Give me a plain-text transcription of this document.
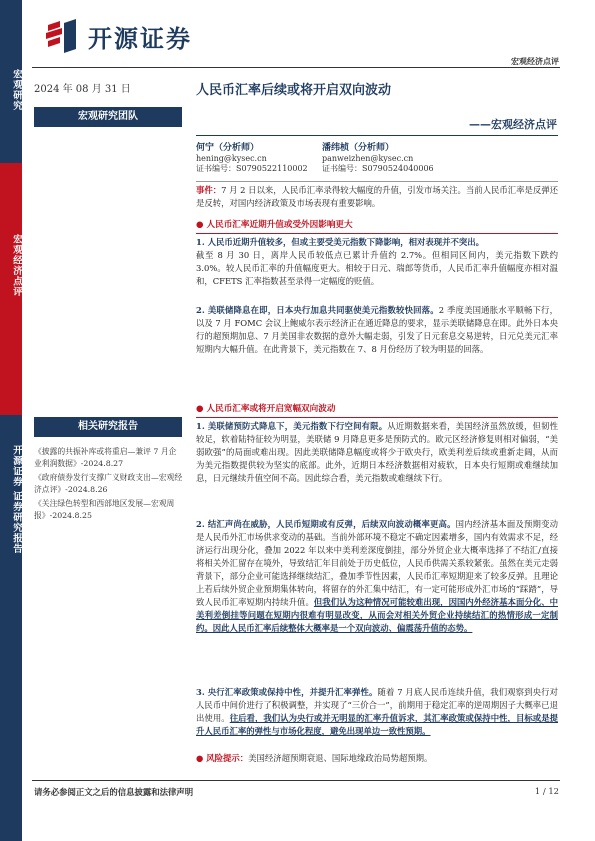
宏观研究
宏观经济点评
开源证券 证券研究报告
开源证券
宏观经济点评
2024 年 08 月 31 日	人民币汇率后续或将开启双向波动
宏观研究团队
——宏观经济点评
何宁（分析师）
hening@kysec.cn
证书编号：S0790522110002
潘纬桢（分析师）
panweizhen@kysec.cn
证书编号：S0790524040006
相关研究报告
《披露的共振补库或将重启—兼评 7 月企业利润数据》-2024.8.27
《政府债券发行支撑广义财政支出—宏观经济点评》-2024.8.26
《关注绿色转型和西部地区发展—宏观周报》-2024.8.25
事件：7 月 2 日以来，人民币汇率录得较大幅度的升值，引发市场关注。当前人民币汇率是反弹还是反转，对国内经济政策及市场表现有重要影响。
● 人民币汇率近期升值或受外因影响更大
1. 人民币近期升值较多，但或主要受美元指数下降影响，相对表现并不突出。
截至 8 月 30 日，离岸人民币较低点已累计升值约 2.7%。但相同区间内，美元指数下跌约 3.0%。较人民币汇率的升值幅度更大。相较于日元、瑞郎等货币，人民币汇率升值幅度亦相对温和，CFETS 汇率指数甚至录得一定幅度的贬值。
2. 美联储降息在即，日本央行加息共同驱使美元指数较快回落。2 季度美国通胀水平顺畅下行，以及 7 月 FOMC 会议上鲍威尔表示经济正在通近降息的要求，显示美联储降息在即。此外日本央行的超预期加息、7 月美国非农数据的意外大幅走弱，引发了日元套息交易逆转，日元兑美元汇率短期内大幅升值。在此背景下，美元指数在 7、8 月份经历了较为明显的回落。
● 人民币汇率或将开启宽幅双向波动
1. 美联储预防式降息下，美元指数下行空间有限。从近期数据来看，美国经济虽然放缓，但韧性较足，软着陆特征较为明显，美联储 9 月降息更多是预防式的。欧元区经济修复则相对偏弱，“美弱欧强”的局面或难出现。因此美联储降息幅度或将少于欧央行，欧美利差后续或重新走阔，从而为美元指数提供较为坚实的底部。此外，近期日本经济数据相对疲软，日本央行短期或难继续加息，日元继续升值空间不高。因此综合看，美元指数或难继续下行。
2. 结汇声尚在威胁，人民币短期或有反弹，后续双向波动概率更高。国内经济基本面及预期变动是人民币外汇市场供求变动的基础。当前外部环境不稳定不确定因素增多，国内有效需求不足，经济运行出现分化，叠加 2022 年以来中美利差深度倒挂，部分外贸企业大概率选择了不结汇/直接将相关外汇留存在境外，导致结汇年目前处于历史低位，人民币供需关系较紧张。虽然在美元走弱背景下，部分企业可能选择继续结汇，叠加季节性因素，人民币汇率短期迎来了较多反弹。且理论上若后续外贸企业预期集体转向，将留存的外汇集中结汇，有一定可能形成外汇市场的“踩踏”，导致人民币汇率短期内持续升值。但我们认为这种情况可能较难出现，因国内外经济基本面分化、中美利差倒挂等问题在短期内很难有明显改变，从而会对相关外贸企业持续结汇的热情形成一定制约。因此人民币汇率后续整体大概率是一个双向波动、偏震荡升值的态势。
3. 央行汇率政策或保持中性，并提升汇率弹性。随着 7 月底人民币连续升值，我们观察到央行对人民币中间价进行了积极调整，并实现了“三价合一”，前期用于稳定汇率的逆周期因子大概率已退出使用。往后看，我们认为央行或并无明显的汇率升值诉求，其汇率政策或保持中性，目标或是提升人民币汇率的弹性与市场化程度，避免出现单边一致性预期。
● 风险提示：美国经济超预期衰退、国际地缘政治局势超预期。
请务必参阅正文之后的信息披露和法律声明	1 / 12
